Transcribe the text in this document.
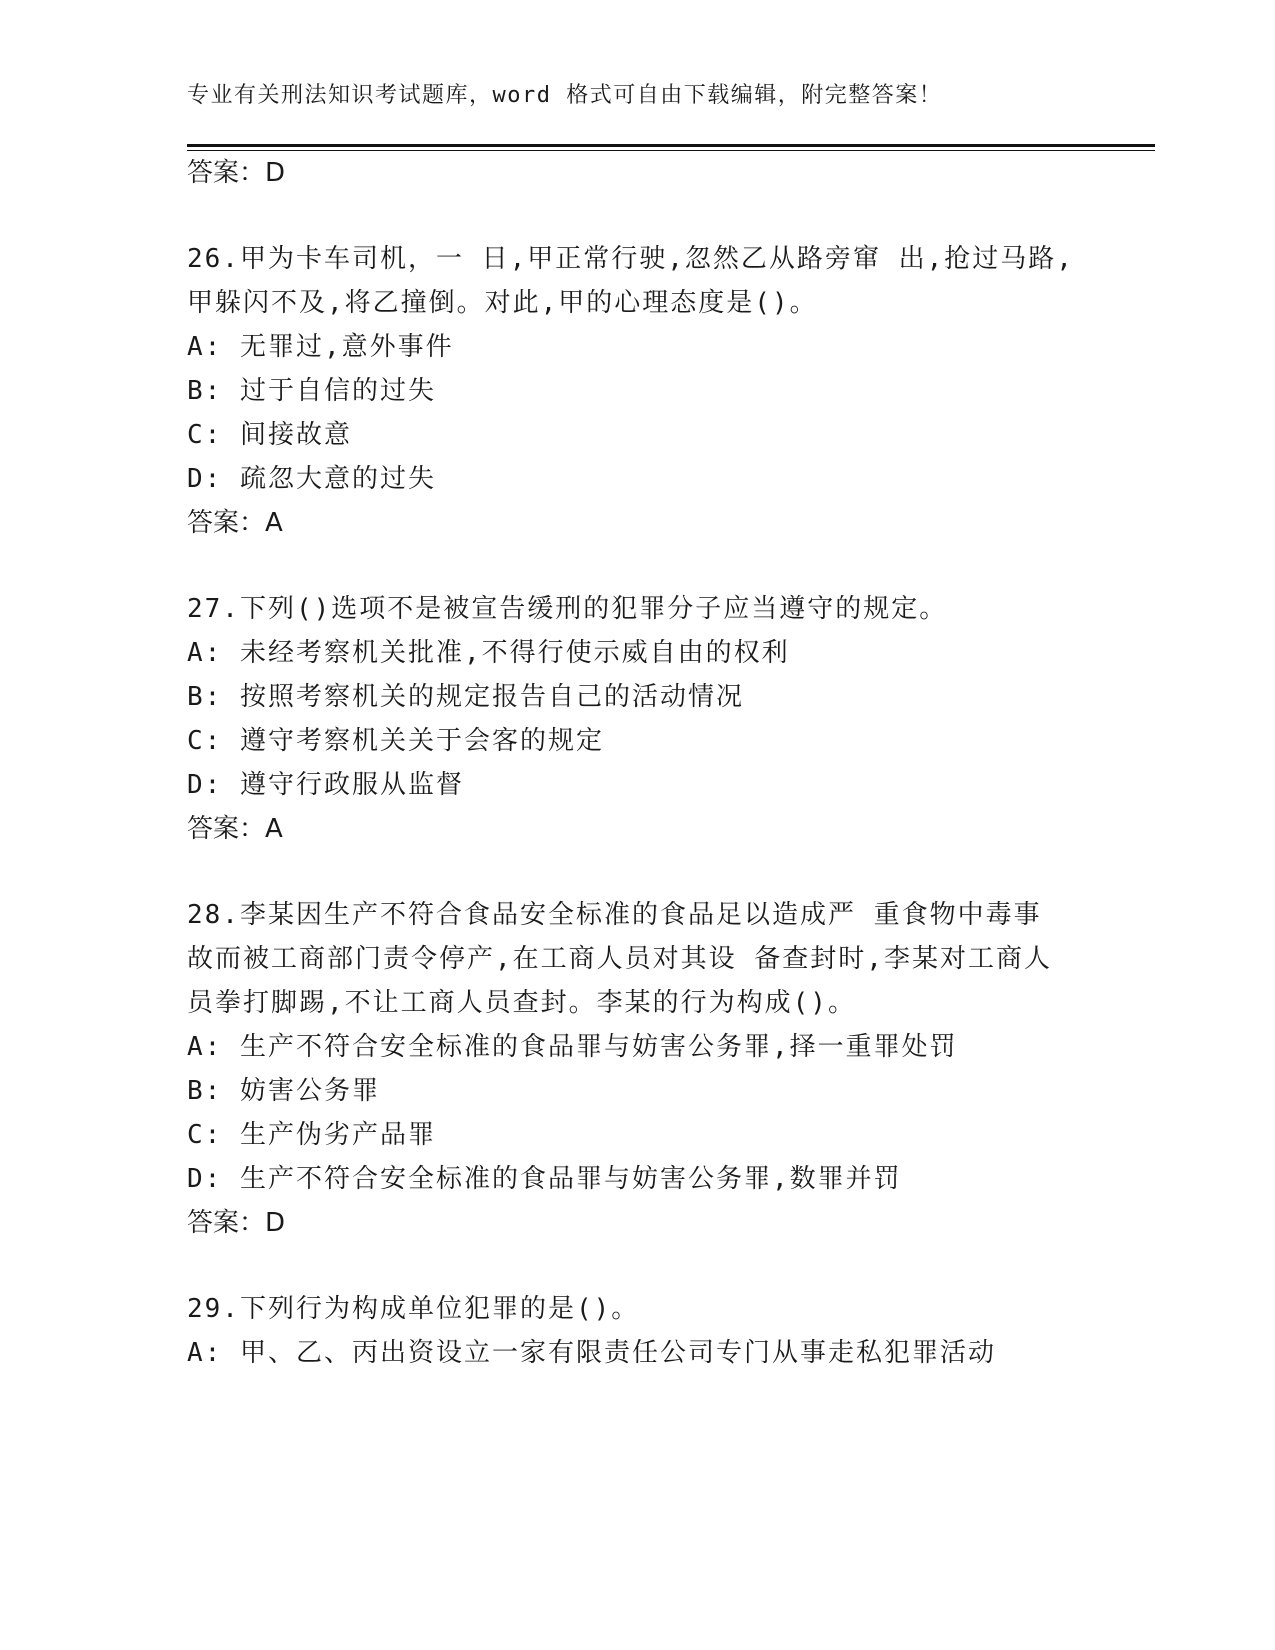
专业有关刑法知识考试题库，word 格式可自由下载编辑，附完整答案！
答案：D
26.甲为卡车司机，一 日,甲正常行驶,忽然乙从路旁窜 出,抢过马路,
甲躲闪不及,将乙撞倒。对此,甲的心理态度是()。
A: 无罪过,意外事件
B: 过于自信的过失
C: 间接故意
D: 疏忽大意的过失
答案：A
27.下列()选项不是被宣告缓刑的犯罪分子应当遵守的规定。
A: 未经考察机关批准,不得行使示威自由的权利
B: 按照考察机关的规定报告自己的活动情况
C: 遵守考察机关关于会客的规定
D: 遵守行政服从监督
答案：A
28.李某因生产不符合食品安全标准的食品足以造成严 重食物中毒事
故而被工商部门责令停产,在工商人员对其设 备查封时,李某对工商人
员拳打脚踢,不让工商人员查封。李某的行为构成()。
A: 生产不符合安全标准的食品罪与妨害公务罪,择一重罪处罚
B: 妨害公务罪
C: 生产伪劣产品罪
D: 生产不符合安全标准的食品罪与妨害公务罪,数罪并罚
答案：D
29.下列行为构成单位犯罪的是()。
A: 甲、乙、丙出资设立一家有限责任公司专门从事走私犯罪活动
